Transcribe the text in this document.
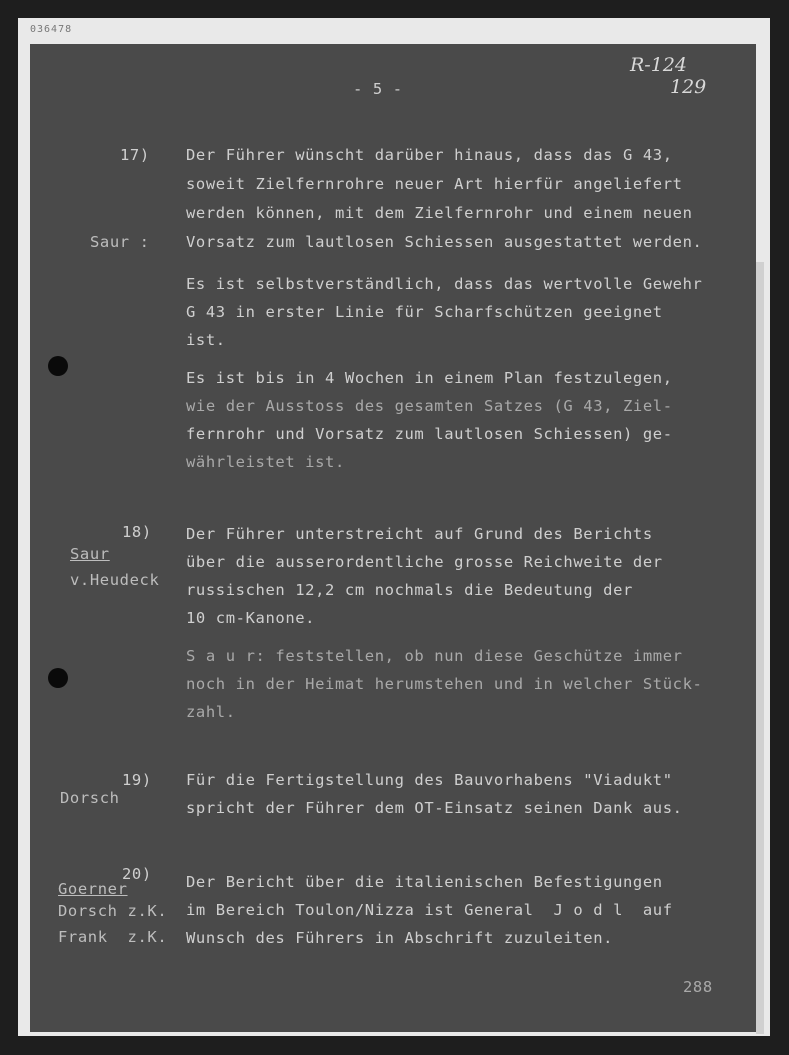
036478
R-124
129
- 5 -
17)
Saur :
Der Führer wünscht darüber hinaus, dass das G 43,
soweit Zielfernrohre neuer Art hierfür angeliefert
werden können, mit dem Zielfernrohr und einem neuen
Vorsatz zum lautlosen Schiessen ausgestattet werden.
Es ist selbstverständlich, dass das wertvolle Gewehr
G 43 in erster Linie für Scharfschützen geeignet
ist.
Es ist bis in 4 Wochen in einem Plan festzulegen,
wie der Ausstoss des gesamten Satzes (G 43, Ziel-
fernrohr und Vorsatz zum lautlosen Schiessen) ge-
währleistet ist.
18)
Saur
v.Heudeck
Der Führer unterstreicht auf Grund des Berichts
über die ausserordentliche grosse Reichweite der
russischen 12,2 cm nochmals die Bedeutung der
10 cm-Kanone.
S a u r: feststellen, ob nun diese Geschütze immer
noch in der Heimat herumstehen und in welcher Stück-
zahl.
19)
Dorsch
Für die Fertigstellung des Bauvorhabens "Viadukt"
spricht der Führer dem OT-Einsatz seinen Dank aus.
20)
Goerner
Dorsch z.K.
Frank  z.K.
Der Bericht über die italienischen Befestigungen
im Bereich Toulon/Nizza ist General  J o d l  auf
Wunsch des Führers in Abschrift zuzuleiten.
288
